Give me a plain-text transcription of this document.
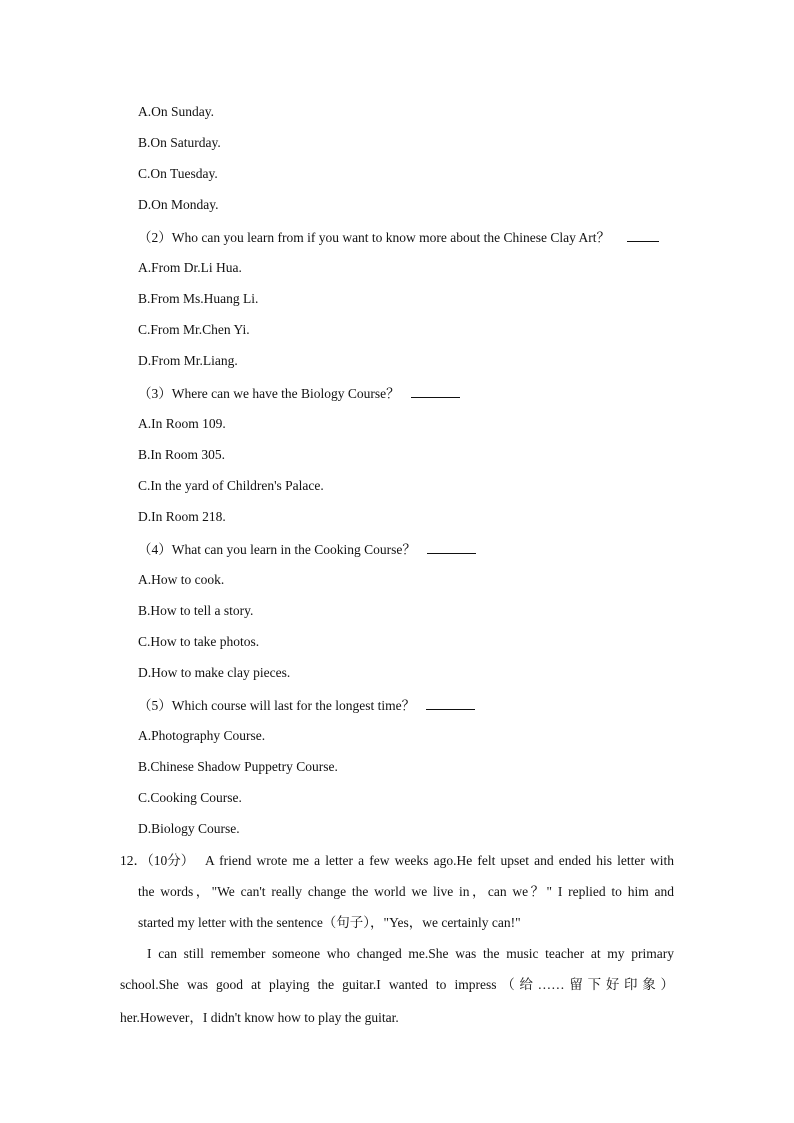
A.On Sunday.
B.On Saturday.
C.On Tuesday.
D.On Monday.
（2）Who can you learn from if you want to know more about the Chinese Clay Art？
A.From Dr.Li Hua.
B.From Ms.Huang Li.
C.From Mr.Chen Yi.
D.From Mr.Liang.
（3）Where can we have the Biology Course？
A.In Room 109.
B.In Room 305.
C.In the yard of Children's Palace.
D.In Room 218.
（4）What can you learn in the Cooking Course？
A.How to cook.
B.How to tell a story.
C.How to take photos.
D.How to make clay pieces.
（5）Which course will last for the longest time？
A.Photography Course.
B.Chinese Shadow Puppetry Course.
C.Cooking Course.
D.Biology Course.
12．（10分） A friend wrote me a letter a few weeks ago.He felt upset and ended his letter with
the words，"We can't really change the world we live in，can we？" I replied to him and
started my letter with the sentence（句子），"Yes，we certainly can!"
I can still remember someone who changed me.She was the music teacher at my primary
school.She was good at playing the guitar.I wanted to impress（给……留下好印象）
her.However，I didn't know how to play the guitar.
